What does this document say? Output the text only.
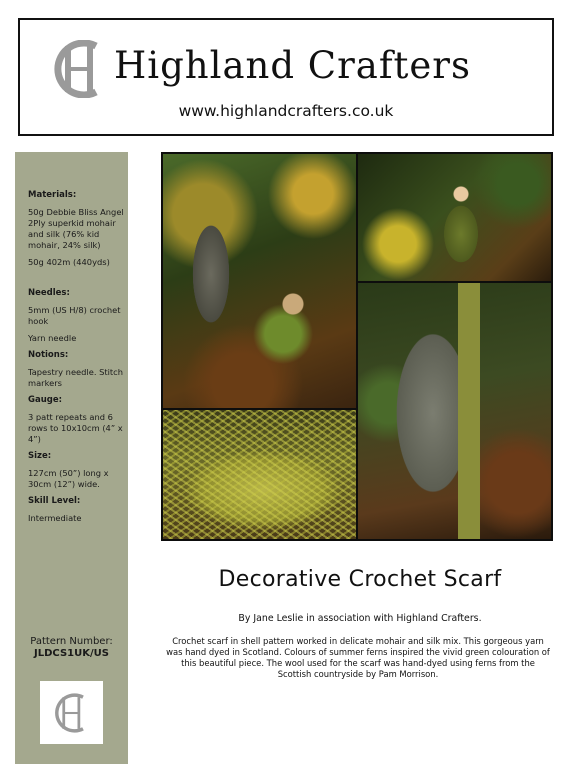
Highland Crafters
www.highlandcrafters.co.uk
Materials:
50g Debbie Bliss Angel 2Ply superkid mohair and silk (76% kid mohair, 24% silk)
50g 402m (440yds)
Needles:
5mm (US H/8) crochet hook
Yarn needle
Notions:
Tapestry needle. Stitch markers
Gauge:
3 patt repeats and 6 rows to 10x10cm (4” x 4”)
Size:
127cm (50”) long x 30cm (12”) wide.
Skill Level:
Intermediate
Pattern Number:
JLDCS1UK/US
Decorative Crochet Scarf
By Jane Leslie in association with Highland Crafters.
Crochet scarf in shell pattern worked in delicate mohair and silk mix. This gorgeous yarn was hand dyed in Scotland. Colours of summer ferns inspired the vivid green colouration of this beautiful piece. The wool used for the scarf was hand-dyed using ferns from the Scottish countryside by Pam Morrison.
